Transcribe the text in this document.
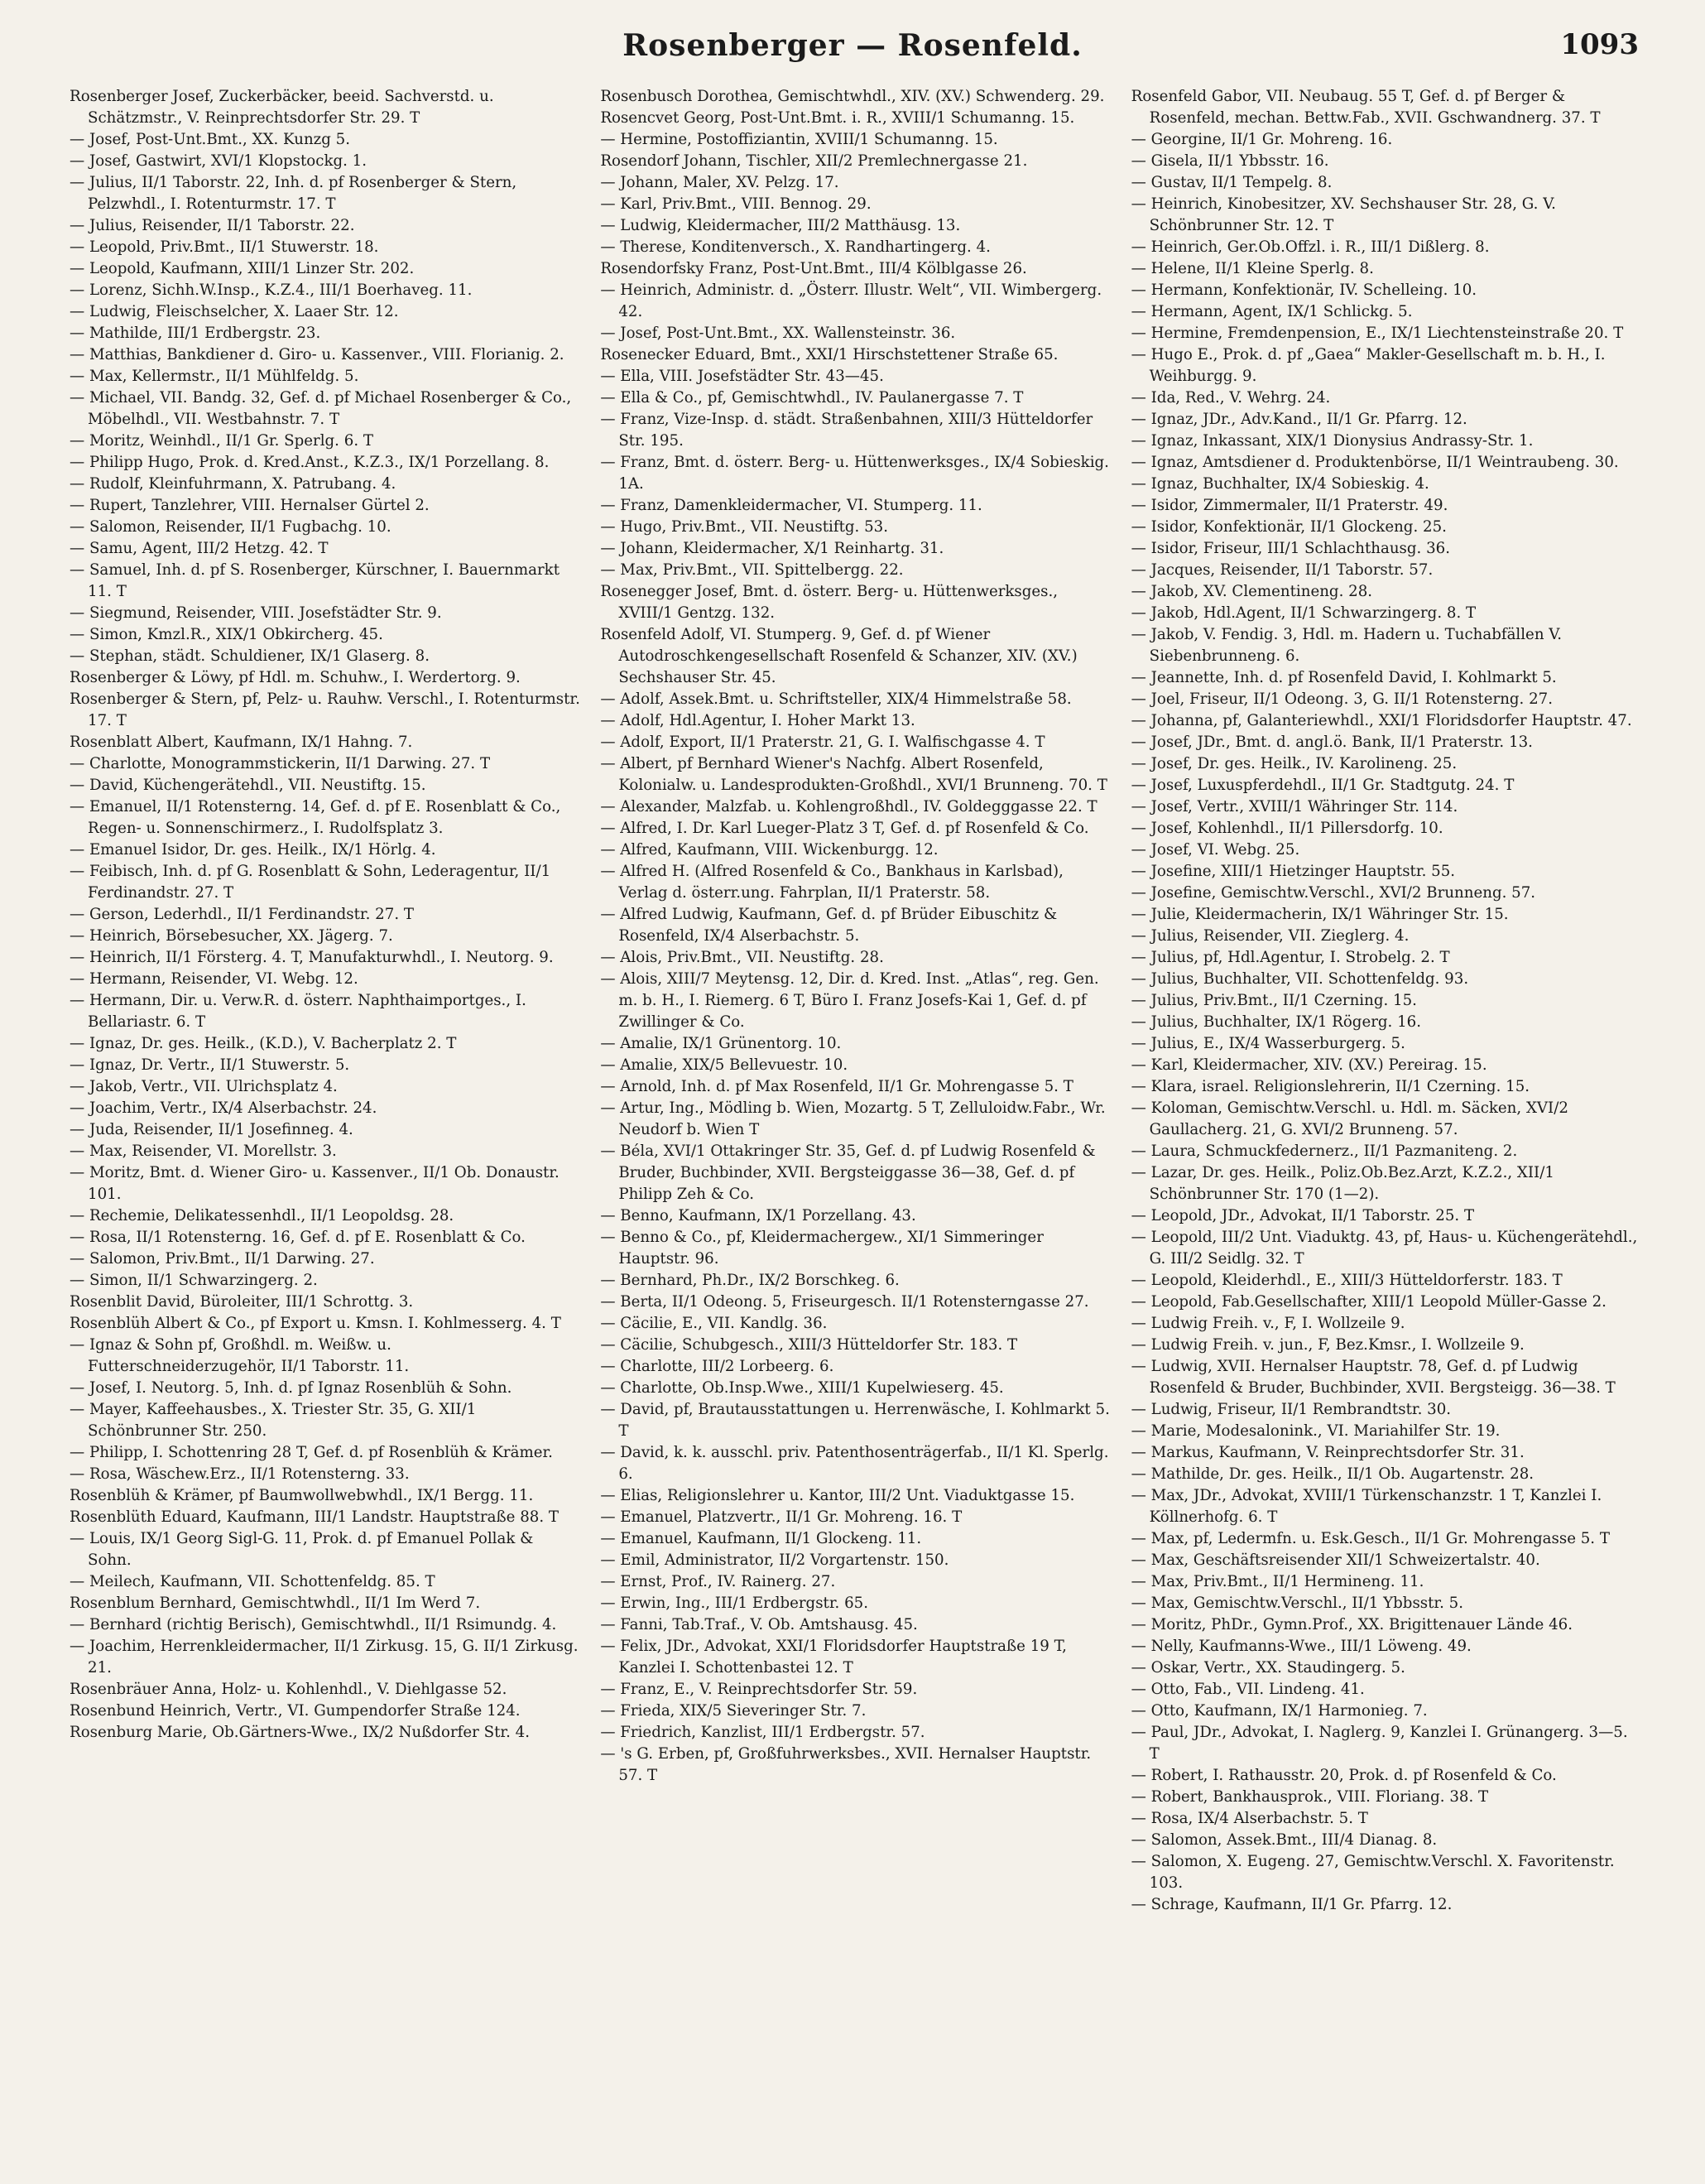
Rosenberger — Rosenfeld.	1093

Rosenberger Josef, Zuckerbäcker, beeid. Sachverstd. u. Schätzmstr., V. Reinprechtsdorfer Str. 29. T

— Josef, Post-Unt.Bmt., XX. Kunzg 5.

— Josef, Gastwirt, XVI/1 Klopstockg. 1.

— Julius, II/1 Taborstr. 22, Inh. d. pf Rosenberger & Stern, Pelzwhdl., I. Rotenturmstr. 17. T

— Julius, Reisender, II/1 Taborstr. 22.

— Leopold, Priv.Bmt., II/1 Stuwerstr. 18.

— Leopold, Kaufmann, XIII/1 Linzer Str. 202.

— Lorenz, Sichh.W.Insp., K.Z.4., III/1 Boerhaveg. 11.

— Ludwig, Fleischselcher, X. Laaer Str. 12.

— Mathilde, III/1 Erdbergstr. 23.

— Matthias, Bankdiener d. Giro- u. Kassenver., VIII. Florianig. 2.

— Max, Kellermstr., II/1 Mühlfeldg. 5.

— Michael, VII. Bandg. 32, Gef. d. pf Michael Rosenberger & Co., Möbelhdl., VII. Westbahnstr. 7. T

— Moritz, Weinhdl., II/1 Gr. Sperlg. 6. T

— Philipp Hugo, Prok. d. Kred.Anst., K.Z.3., IX/1 Porzellang. 8.

— Rudolf, Kleinfuhrmann, X. Patrubang. 4.

— Rupert, Tanzlehrer, VIII. Hernalser Gürtel 2.

— Salomon, Reisender, II/1 Fugbachg. 10.

— Samu, Agent, III/2 Hetzg. 42. T

— Samuel, Inh. d. pf S. Rosenberger, Kürschner, I. Bauernmarkt 11. T

— Siegmund, Reisender, VIII. Josefstädter Str. 9.

— Simon, Kmzl.R., XIX/1 Obkircherg. 45.

— Stephan, städt. Schuldiener, IX/1 Glaserg. 8.

Rosenberger & Löwy, pf Hdl. m. Schuhw., I. Werdertorg. 9.

Rosenberger & Stern, pf, Pelz- u. Rauhw. Verschl., I. Rotenturmstr. 17. T

Rosenblatt Albert, Kaufmann, IX/1 Hahng. 7.

— Charlotte, Monogrammstickerin, II/1 Darwing. 27. T

— David, Küchengerätehdl., VII. Neustiftg. 15.

— Emanuel, II/1 Rotensterng. 14, Gef. d. pf E. Rosenblatt & Co., Regen- u. Sonnenschirmerz., I. Rudolfsplatz 3.

— Emanuel Isidor, Dr. ges. Heilk., IX/1 Hörlg. 4.

— Feibisch, Inh. d. pf G. Rosenblatt & Sohn, Lederagentur, II/1 Ferdinandstr. 27. T

— Gerson, Lederhdl., II/1 Ferdinandstr. 27. T

— Heinrich, Börsebesucher, XX. Jägerg. 7.

— Heinrich, II/1 Försterg. 4. T, Manufakturwhdl., I. Neutorg. 9.

— Hermann, Reisender, VI. Webg. 12.

— Hermann, Dir. u. Verw.R. d. österr. Naphthaimportges., I. Bellariastr. 6. T

— Ignaz, Dr. ges. Heilk., (K.D.), V. Bacherplatz 2. T

— Ignaz, Dr. Vertr., II/1 Stuwerstr. 5.

— Jakob, Vertr., VII. Ulrichsplatz 4.

— Joachim, Vertr., IX/4 Alserbachstr. 24.

— Juda, Reisender, II/1 Josefinneg. 4.

— Max, Reisender, VI. Morellstr. 3.

— Moritz, Bmt. d. Wiener Giro- u. Kassenver., II/1 Ob. Donaustr. 101.

— Rechemie, Delikatessenhdl., II/1 Leopoldsg. 28.

— Rosa, II/1 Rotensterng. 16, Gef. d. pf E. Rosenblatt & Co.

— Salomon, Priv.Bmt., II/1 Darwing. 27.

— Simon, II/1 Schwarzingerg. 2.

Rosenblit David, Büroleiter, III/1 Schrottg. 3.

Rosenblüh Albert & Co., pf Export u. Kmsn. I. Kohlmesserg. 4. T

— Ignaz & Sohn pf, Großhdl. m. Weißw. u. Futterschneiderzugehör, II/1 Taborstr. 11.

— Josef, I. Neutorg. 5, Inh. d. pf Ignaz Rosenblüh & Sohn.

— Mayer, Kaffeehausbes., X. Triester Str. 35, G. XII/1 Schönbrunner Str. 250.

— Philipp, I. Schottenring 28 T, Gef. d. pf Rosenblüh & Krämer.

— Rosa, Wäschew.Erz., II/1 Rotensterng. 33.

Rosenblüh & Krämer, pf Baumwollwebwhdl., IX/1 Bergg. 11.

Rosenblüth Eduard, Kaufmann, III/1 Landstr. Hauptstraße 88. T

— Louis, IX/1 Georg Sigl-G. 11, Prok. d. pf Emanuel Pollak & Sohn.

— Meilech, Kaufmann, VII. Schottenfeldg. 85. T

Rosenblum Bernhard, Gemischtwhdl., II/1 Im Werd 7.

— Bernhard (richtig Berisch), Gemischtwhdl., II/1 Rsimundg. 4.

— Joachim, Herrenkleidermacher, II/1 Zirkusg. 15, G. II/1 Zirkusg. 21.

Rosenbräuer Anna, Holz- u. Kohlenhdl., V. Diehlgasse 52.

Rosenbund Heinrich, Vertr., VI. Gumpendorfer Straße 124.

Rosenburg Marie, Ob.Gärtners-Wwe., IX/2 Nußdorfer Str. 4.

Rosenbusch Dorothea, Gemischtwhdl., XIV. (XV.) Schwenderg. 29.

Rosencvet Georg, Post-Unt.Bmt. i. R., XVIII/1 Schumanng. 15.

— Hermine, Postoffiziantin, XVIII/1 Schumanng. 15.

Rosendorf Johann, Tischler, XII/2 Premlechnergasse 21.

— Johann, Maler, XV. Pelzg. 17.

— Karl, Priv.Bmt., VIII. Bennog. 29.

— Ludwig, Kleidermacher, III/2 Matthäusg. 13.

— Therese, Konditenversch., X. Randhartingerg. 4.

Rosendorfsky Franz, Post-Unt.Bmt., III/4 Kölblgasse 26.

— Heinrich, Administr. d. „Österr. Illustr. Welt“, VII. Wimbergerg. 42.

— Josef, Post-Unt.Bmt., XX. Wallensteinstr. 36.

Rosenecker Eduard, Bmt., XXI/1 Hirschstettener Straße 65.

— Ella, VIII. Josefstädter Str. 43—45.

— Ella & Co., pf, Gemischtwhdl., IV. Paulanergasse 7. T

— Franz, Vize-Insp. d. städt. Straßenbahnen, XIII/3 Hütteldorfer Str. 195.

— Franz, Bmt. d. österr. Berg- u. Hüttenwerksges., IX/4 Sobieskig. 1A.

— Franz, Damenkleidermacher, VI. Stumperg. 11.

— Hugo, Priv.Bmt., VII. Neustiftg. 53.

— Johann, Kleidermacher, X/1 Reinhartg. 31.

— Max, Priv.Bmt., VII. Spittelbergg. 22.

Rosenegger Josef, Bmt. d. österr. Berg- u. Hüttenwerksges., XVIII/1 Gentzg. 132.

Rosenfeld Adolf, VI. Stumperg. 9, Gef. d. pf Wiener Autodroschkengesellschaft Rosenfeld & Schanzer, XIV. (XV.) Sechshauser Str. 45.

— Adolf, Assek.Bmt. u. Schriftsteller, XIX/4 Himmelstraße 58.

— Adolf, Hdl.Agentur, I. Hoher Markt 13.

— Adolf, Export, II/1 Praterstr. 21, G. I. Walfischgasse 4. T

— Albert, pf Bernhard Wiener's Nachfg. Albert Rosenfeld, Kolonialw. u. Landesprodukten-Großhdl., XVI/1 Brunneng. 70. T

— Alexander, Malzfab. u. Kohlengroßhdl., IV. Goldegggasse 22. T

— Alfred, I. Dr. Karl Lueger-Platz 3 T, Gef. d. pf Rosenfeld & Co.

— Alfred, Kaufmann, VIII. Wickenburgg. 12.

— Alfred H. (Alfred Rosenfeld & Co., Bankhaus in Karlsbad), Verlag d. österr.ung. Fahrplan, II/1 Praterstr. 58.

— Alfred Ludwig, Kaufmann, Gef. d. pf Brüder Eibuschitz & Rosenfeld, IX/4 Alserbachstr. 5.

— Alois, Priv.Bmt., VII. Neustiftg. 28.

— Alois, XIII/7 Meytensg. 12, Dir. d. Kred. Inst. „Atlas“, reg. Gen. m. b. H., I. Riemerg. 6 T, Büro I. Franz Josefs-Kai 1, Gef. d. pf Zwillinger & Co.

— Amalie, IX/1 Grünentorg. 10.

— Amalie, XIX/5 Bellevuestr. 10.

— Arnold, Inh. d. pf Max Rosenfeld, II/1 Gr. Mohrengasse 5. T

— Artur, Ing., Mödling b. Wien, Mozartg. 5 T, Zelluloidw.Fabr., Wr. Neudorf b. Wien T

— Béla, XVI/1 Ottakringer Str. 35, Gef. d. pf Ludwig Rosenfeld & Bruder, Buchbinder, XVII. Bergsteiggasse 36—38, Gef. d. pf Philipp Zeh & Co.

— Benno, Kaufmann, IX/1 Porzellang. 43.

— Benno & Co., pf, Kleidermachergew., XI/1 Simmeringer Hauptstr. 96.

— Bernhard, Ph.Dr., IX/2 Borschkeg. 6.

— Berta, II/1 Odeong. 5, Friseurgesch. II/1 Rotensterngasse 27.

— Cäcilie, E., VII. Kandlg. 36.

— Cäcilie, Schubgesch., XIII/3 Hütteldorfer Str. 183. T

— Charlotte, III/2 Lorbeerg. 6.

— Charlotte, Ob.Insp.Wwe., XIII/1 Kupelwieserg. 45.

— David, pf, Brautausstattungen u. Herrenwäsche, I. Kohlmarkt 5. T

— David, k. k. ausschl. priv. Patenthosenträgerfab., II/1 Kl. Sperlg. 6.

— Elias, Religionslehrer u. Kantor, III/2 Unt. Viaduktgasse 15.

— Emanuel, Platzvertr., II/1 Gr. Mohreng. 16. T

— Emanuel, Kaufmann, II/1 Glockeng. 11.

— Emil, Administrator, II/2 Vorgartenstr. 150.

— Ernst, Prof., IV. Rainerg. 27.

— Erwin, Ing., III/1 Erdbergstr. 65.

— Fanni, Tab.Traf., V. Ob. Amtshausg. 45.

— Felix, JDr., Advokat, XXI/1 Floridsdorfer Hauptstraße 19 T, Kanzlei I. Schottenbastei 12. T

— Franz, E., V. Reinprechtsdorfer Str. 59.

— Frieda, XIX/5 Sieveringer Str. 7.

— Friedrich, Kanzlist, III/1 Erdbergstr. 57.

— 's G. Erben, pf, Großfuhrwerksbes., XVII. Hernalser Hauptstr. 57. T

Rosenfeld Gabor, VII. Neubaug. 55 T, Gef. d. pf Berger & Rosenfeld, mechan. Bettw.Fab., XVII. Gschwandnerg. 37. T

— Georgine, II/1 Gr. Mohreng. 16.

— Gisela, II/1 Ybbsstr. 16.

— Gustav, II/1 Tempelg. 8.

— Heinrich, Kinobesitzer, XV. Sechshauser Str. 28, G. V. Schönbrunner Str. 12. T

— Heinrich, Ger.Ob.Offzl. i. R., III/1 Dißlerg. 8.

— Helene, II/1 Kleine Sperlg. 8.

— Hermann, Konfektionär, IV. Schelleing. 10.

— Hermann, Agent, IX/1 Schlickg. 5.

— Hermine, Fremdenpension, E., IX/1 Liechtensteinstraße 20. T

— Hugo E., Prok. d. pf „Gaea“ Makler-Gesellschaft m. b. H., I. Weihburgg. 9.

— Ida, Red., V. Wehrg. 24.

— Ignaz, JDr., Adv.Kand., II/1 Gr. Pfarrg. 12.

— Ignaz, Inkassant, XIX/1 Dionysius Andrassy-Str. 1.

— Ignaz, Amtsdiener d. Produktenbörse, II/1 Weintraubeng. 30.

— Ignaz, Buchhalter, IX/4 Sobieskig. 4.

— Isidor, Zimmermaler, II/1 Praterstr. 49.

— Isidor, Konfektionär, II/1 Glockeng. 25.

— Isidor, Friseur, III/1 Schlachthausg. 36.

— Jacques, Reisender, II/1 Taborstr. 57.

— Jakob, XV. Clementineng. 28.

— Jakob, Hdl.Agent, II/1 Schwarzingerg. 8. T

— Jakob, V. Fendig. 3, Hdl. m. Hadern u. Tuchabfällen V. Siebenbrunneng. 6.

— Jeannette, Inh. d. pf Rosenfeld David, I. Kohlmarkt 5.

— Joel, Friseur, II/1 Odeong. 3, G. II/1 Rotensterng. 27.

— Johanna, pf, Galanteriewhdl., XXI/1 Floridsdorfer Hauptstr. 47.

— Josef, JDr., Bmt. d. angl.ö. Bank, II/1 Praterstr. 13.

— Josef, Dr. ges. Heilk., IV. Karolineng. 25.

— Josef, Luxuspferdehdl., II/1 Gr. Stadtgutg. 24. T

— Josef, Vertr., XVIII/1 Währinger Str. 114.

— Josef, Kohlenhdl., II/1 Pillersdorfg. 10.

— Josef, VI. Webg. 25.

— Josefine, XIII/1 Hietzinger Hauptstr. 55.

— Josefine, Gemischtw.Verschl., XVI/2 Brunneng. 57.

— Julie, Kleidermacherin, IX/1 Währinger Str. 15.

— Julius, Reisender, VII. Zieglerg. 4.

— Julius, pf, Hdl.Agentur, I. Strobelg. 2. T

— Julius, Buchhalter, VII. Schottenfeldg. 93.

— Julius, Priv.Bmt., II/1 Czerning. 15.

— Julius, Buchhalter, IX/1 Rögerg. 16.

— Julius, E., IX/4 Wasserburgerg. 5.

— Karl, Kleidermacher, XIV. (XV.) Pereirag. 15.

— Klara, israel. Religionslehrerin, II/1 Czerning. 15.

— Koloman, Gemischtw.Verschl. u. Hdl. m. Säcken, XVI/2 Gaullacherg. 21, G. XVI/2 Brunneng. 57.

— Laura, Schmuckfedernerz., II/1 Pazmaniteng. 2.

— Lazar, Dr. ges. Heilk., Poliz.Ob.Bez.Arzt, K.Z.2., XII/1 Schönbrunner Str. 170 (1—2).

— Leopold, JDr., Advokat, II/1 Taborstr. 25. T

— Leopold, III/2 Unt. Viaduktg. 43, pf, Haus- u. Küchengerätehdl., G. III/2 Seidlg. 32. T

— Leopold, Kleiderhdl., E., XIII/3 Hütteldorferstr. 183. T

— Leopold, Fab.Gesellschafter, XIII/1 Leopold Müller-Gasse 2.

— Ludwig Freih. v., F, I. Wollzeile 9.

— Ludwig Freih. v. jun., F, Bez.Kmsr., I. Wollzeile 9.

— Ludwig, XVII. Hernalser Hauptstr. 78, Gef. d. pf Ludwig Rosenfeld & Bruder, Buchbinder, XVII. Bergsteigg. 36—38. T

— Ludwig, Friseur, II/1 Rembrandtstr. 30.

— Marie, Modesalonink., VI. Mariahilfer Str. 19.

— Markus, Kaufmann, V. Reinprechtsdorfer Str. 31.

— Mathilde, Dr. ges. Heilk., II/1 Ob. Augartenstr. 28.

— Max, JDr., Advokat, XVIII/1 Türkenschanzstr. 1 T, Kanzlei I. Köllnerhofg. 6. T

— Max, pf, Ledermfn. u. Esk.Gesch., II/1 Gr. Mohrengasse 5. T

— Max, Geschäftsreisender XII/1 Schweizertalstr. 40.

— Max, Priv.Bmt., II/1 Hermineng. 11.

— Max, Gemischtw.Verschl., II/1 Ybbsstr. 5.

— Moritz, PhDr., Gymn.Prof., XX. Brigittenauer Lände 46.

— Nelly, Kaufmanns-Wwe., III/1 Löweng. 49.

— Oskar, Vertr., XX. Staudingerg. 5.

— Otto, Fab., VII. Lindeng. 41.

— Otto, Kaufmann, IX/1 Harmonieg. 7.

— Paul, JDr., Advokat, I. Naglerg. 9, Kanzlei I. Grünangerg. 3—5. T

— Robert, I. Rathausstr. 20, Prok. d. pf Rosenfeld & Co.

— Robert, Bankhausprok., VIII. Floriang. 38. T

— Rosa, IX/4 Alserbachstr. 5. T

— Salomon, Assek.Bmt., III/4 Dianag. 8.

— Salomon, X. Eugeng. 27, Gemischtw.Verschl. X. Favoritenstr. 103.

— Schrage, Kaufmann, II/1 Gr. Pfarrg. 12.
